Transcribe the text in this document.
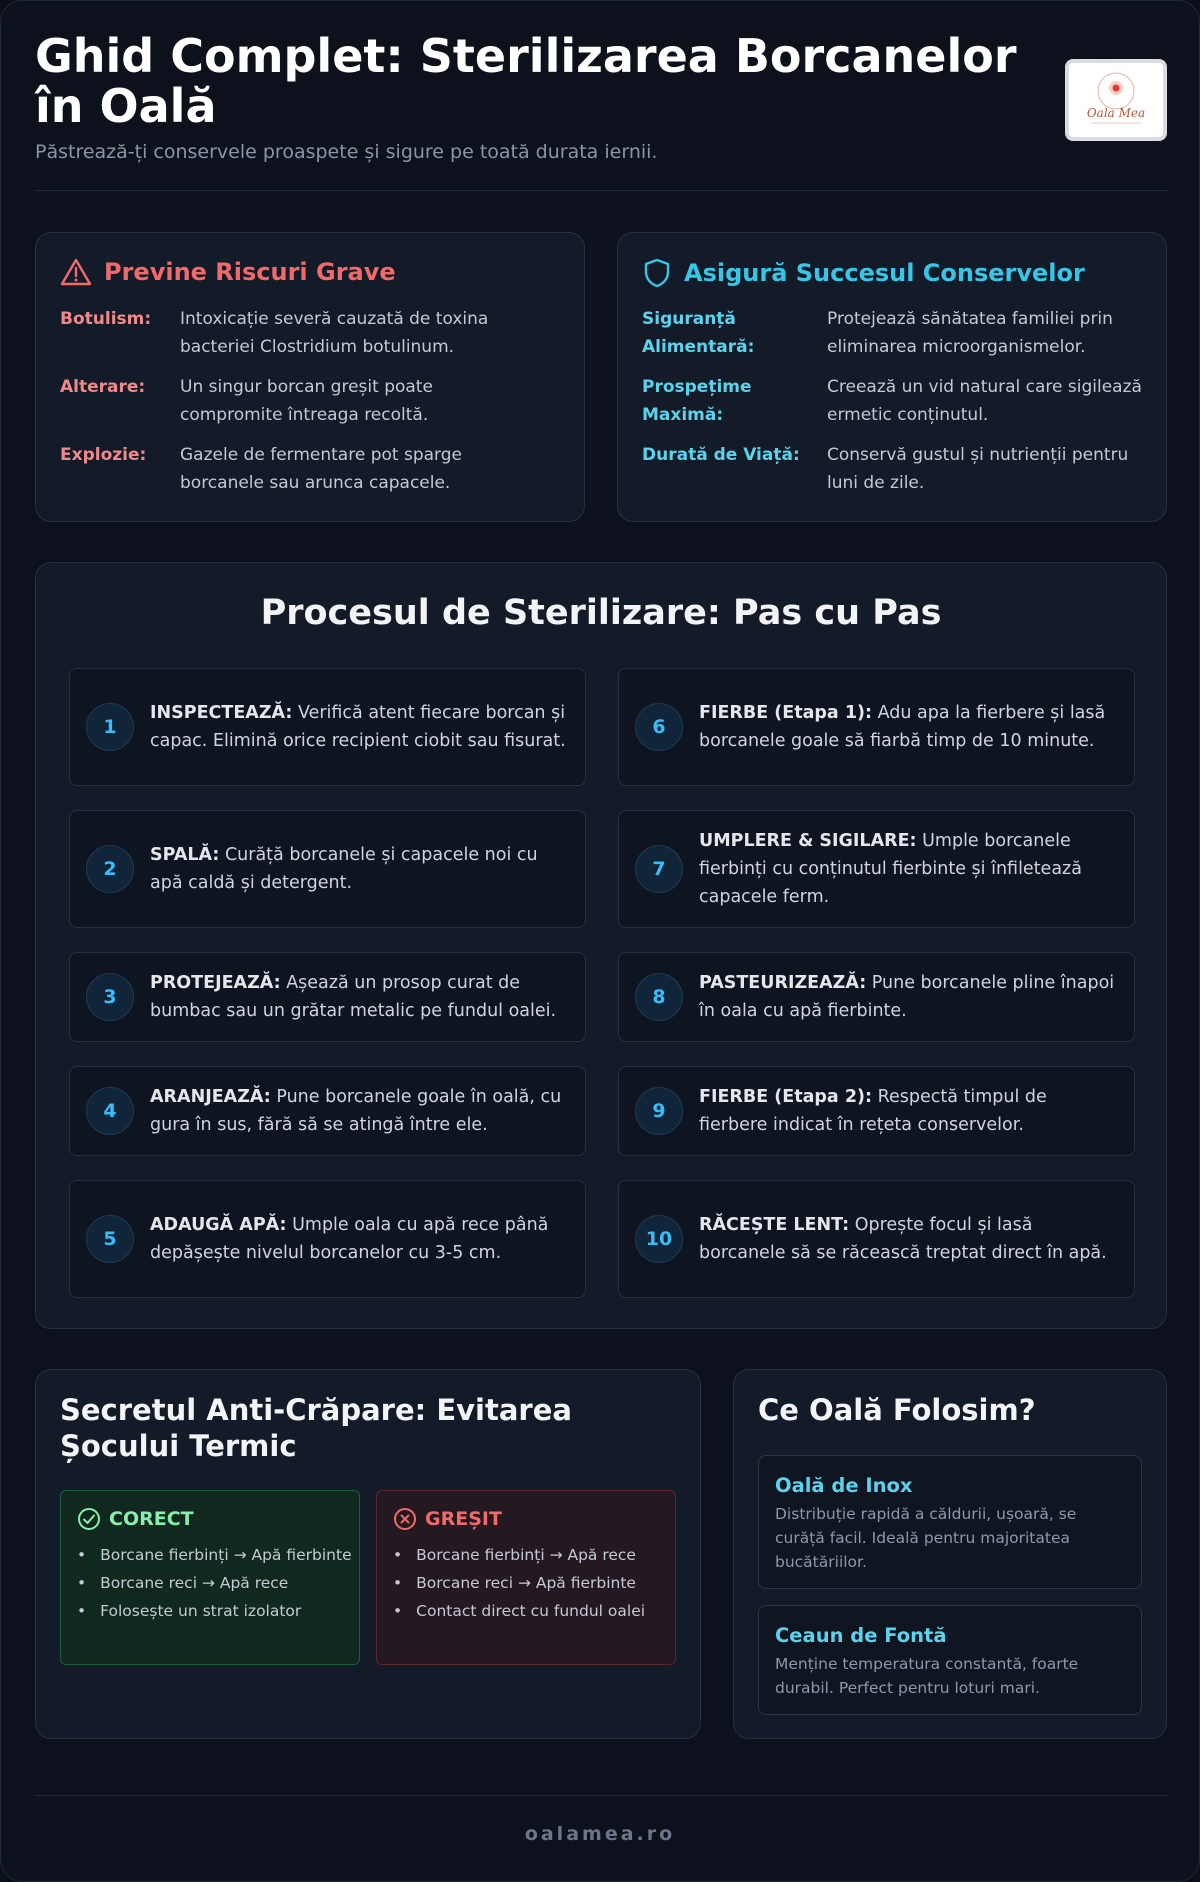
Ghid Complet: Sterilizarea Borcanelor în Oală
Păstrează-ți conservele proaspete și sigure pe toată durata iernii.
Oala Mea
Previne Riscuri Grave
Botulism:	Intoxicație severă cauzată de toxina bacteriei Clostridium botulinum.
Alterare:	Un singur borcan greșit poate compromite întreaga recoltă.
Explozie:	Gazele de fermentare pot sparge borcanele sau arunca capacele.
Asigură Succesul Conservelor
Siguranță Alimentară:
Protejează sănătatea familiei prin eliminarea microorganismelor.
Prospețime Maximă:
Creează un vid natural care sigilează ermetic conținutul.
Durată de Viață:	Conservă gustul și nutrienții pentru luni de zile.
Procesul de Sterilizare: Pas cu Pas
1
INSPECTEAZĂ: Verifică atent fiecare borcan și capac. Elimină orice recipient ciobit sau fisurat.
2
SPALĂ: Curăță borcanele și capacele noi cu apă caldă și detergent.
3
PROTEJEAZĂ: Așează un prosop curat de bumbac sau un grătar metalic pe fundul oalei.
4
ARANJEAZĂ: Pune borcanele goale în oală, cu gura în sus, fără să se atingă între ele.
5
ADAUGĂ APĂ: Umple oala cu apă rece până depășește nivelul borcanelor cu 3-5 cm.
6
FIERBE (Etapa 1): Adu apa la fierbere și lasă borcanele goale să fiarbă timp de 10 minute.
7
UMPLERE & SIGILARE: Umple borcanele fierbinți cu conținutul fierbinte și înfiletează capacele ferm.
8
PASTEURIZEAZĂ: Pune borcanele pline înapoi în oala cu apă fierbinte.
9
FIERBE (Etapa 2): Respectă timpul de fierbere indicat în rețeta conservelor.
10
RĂCEȘTE LENT: Oprește focul și lasă borcanele să se răcească treptat direct în apă.
Secretul Anti-Crăpare: Evitarea Șocului Termic
CORECT
• Borcane fierbinți → Apă fierbinte
• Borcane reci → Apă rece
• Folosește un strat izolator
GREȘIT
• Borcane fierbinți → Apă rece
• Borcane reci → Apă fierbinte
• Contact direct cu fundul oalei
Ce Oală Folosim?
Oală de Inox
Distribuție rapidă a căldurii, ușoară, se curăță facil. Ideală pentru majoritatea bucătăriilor.
Ceaun de Fontă
Menține temperatura constantă, foarte durabil. Perfect pentru loturi mari.
oalamea.ro
